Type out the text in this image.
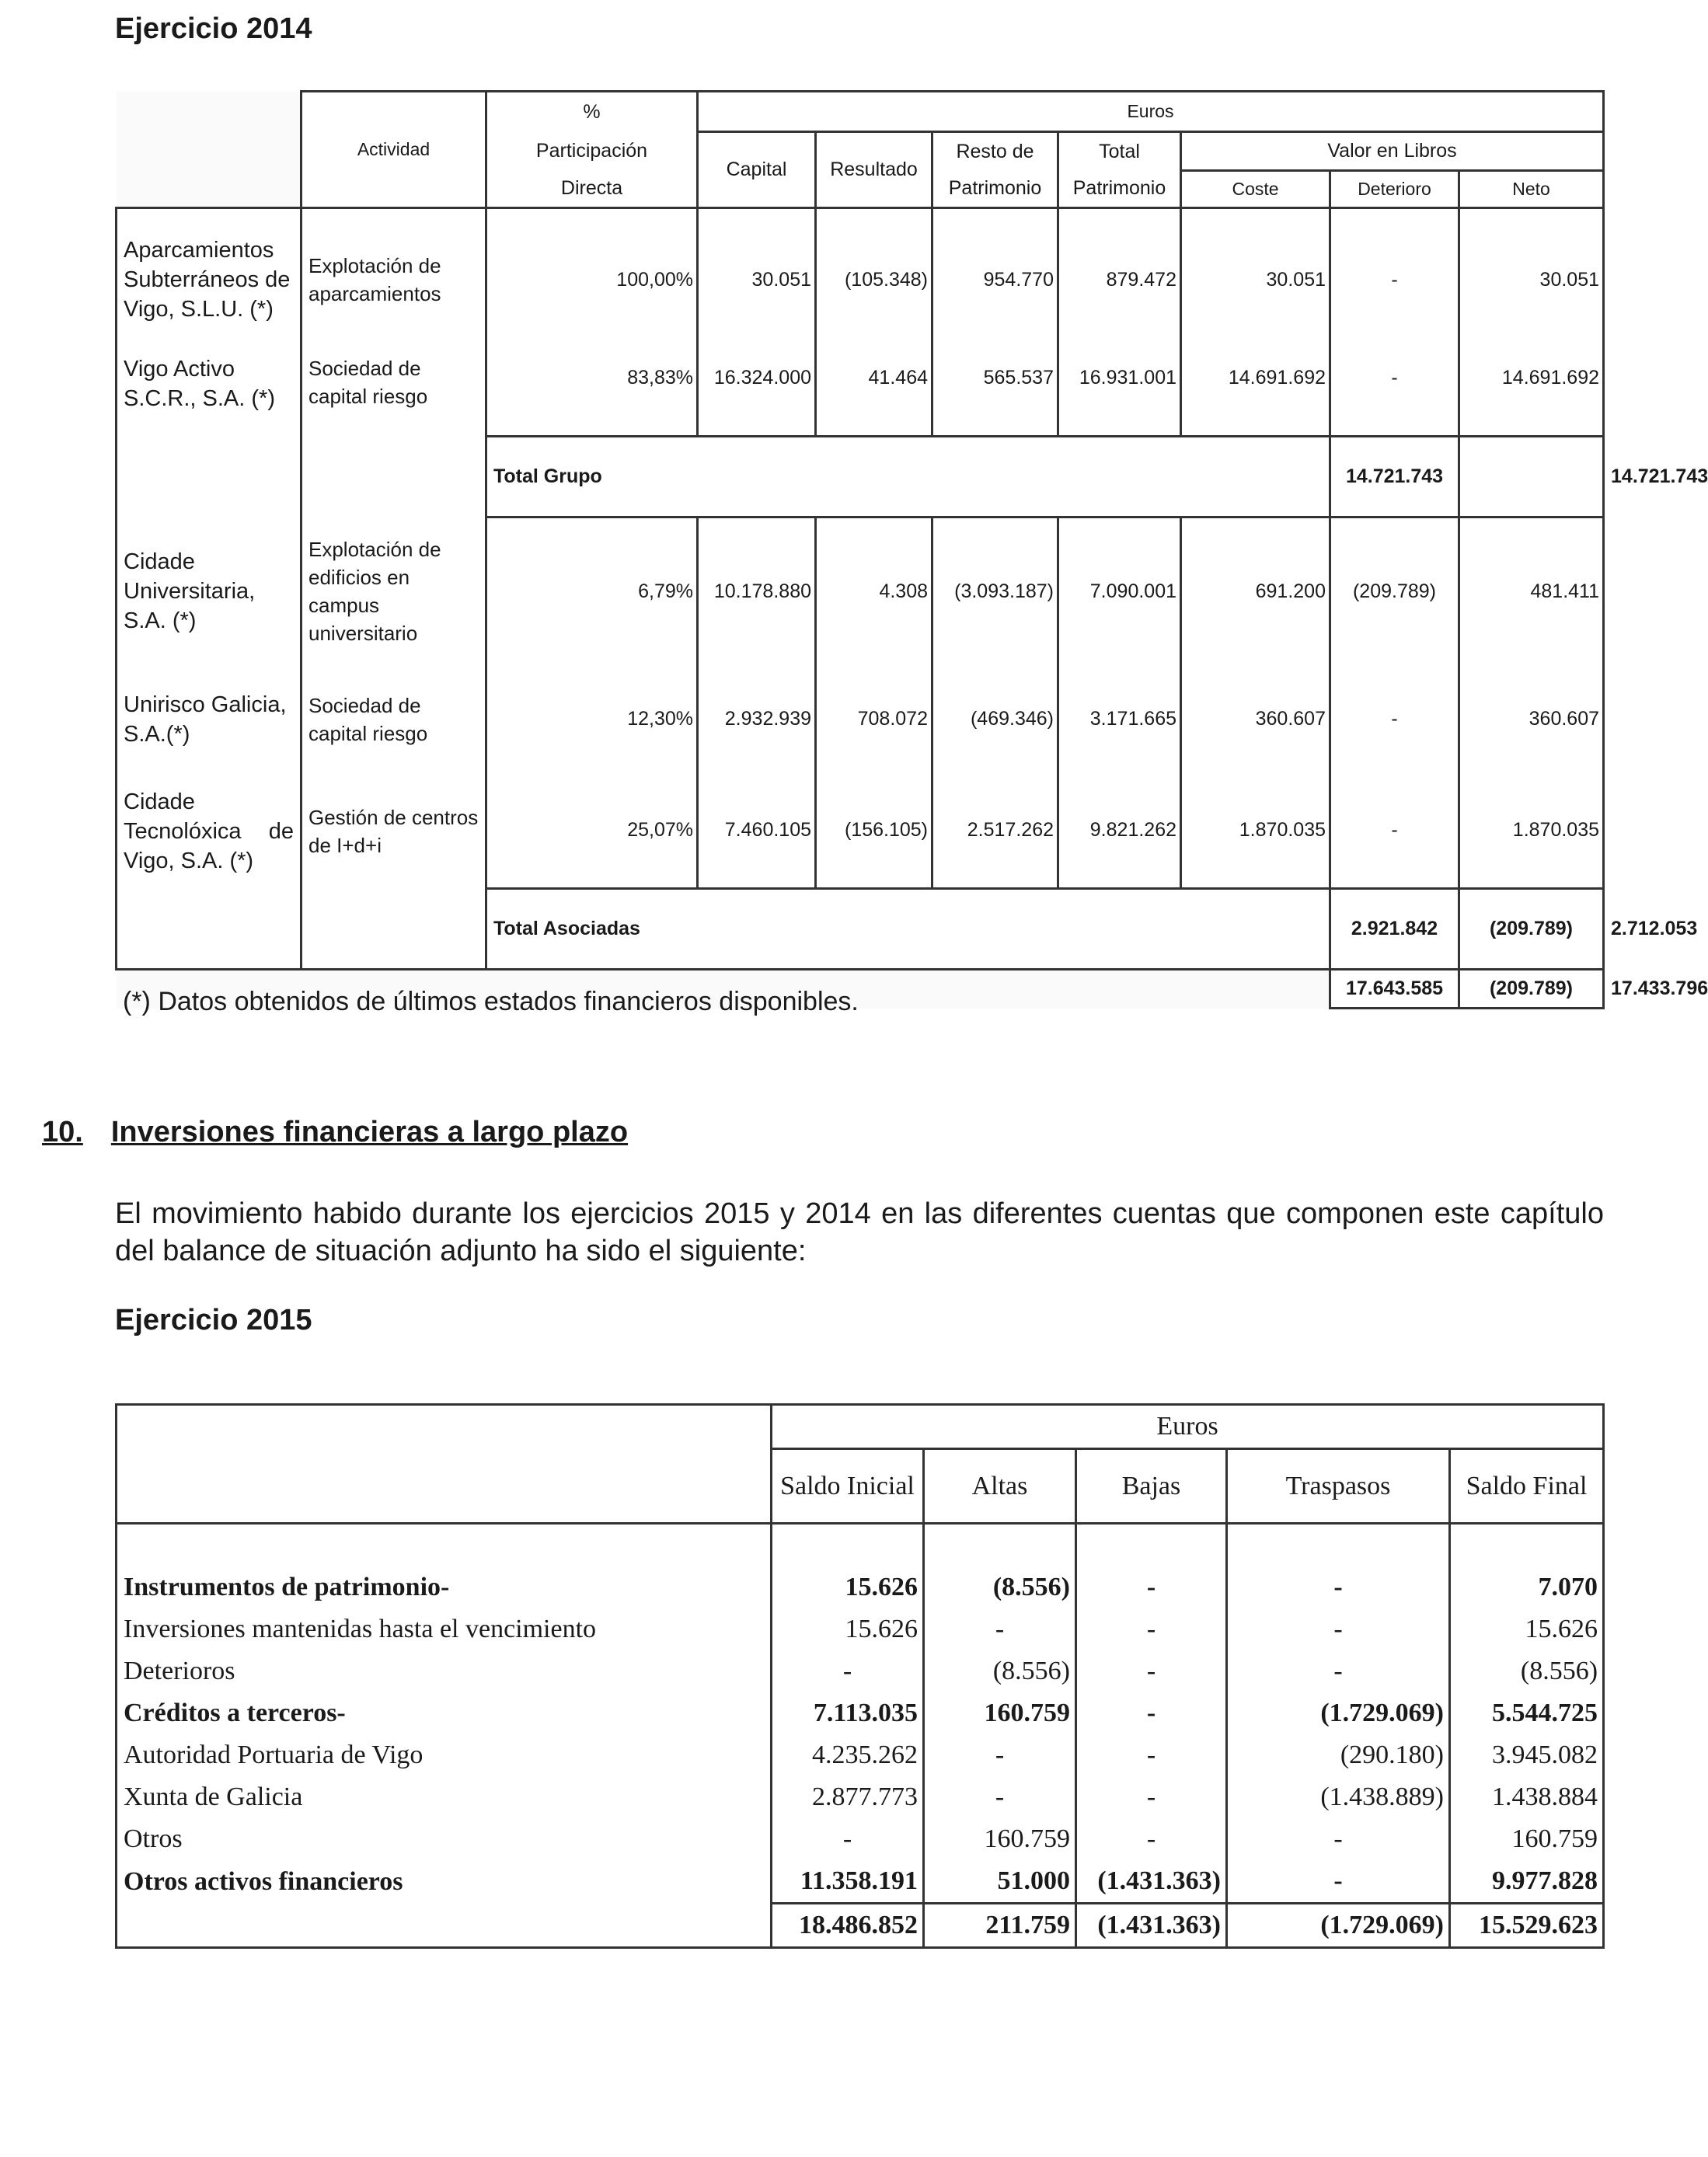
Ejercicio 2014
	Actividad	%	Euros							
		Participación	Capital	Resultado	Resto de	Total	Valor en Libros			
		Directa			Patrimonio	Patrimonio	Coste	Deterioro	Neto	
Aparcamientos Subterráneos de Vigo, S.L.U. (*)	Explotación de aparcamientos	100,00%	30.051	(105.348)	954.770	879.472	30.051	-	30.051	
Vigo Activo S.C.R., S.A. (*)	Sociedad de capital riesgo	83,83%	16.324.000	41.464	565.537	16.931.001	14.691.692	-	14.691.692	
		Total Grupo						14.721.743		14.721.743
Cidade Universitaria, S.A. (*)	Explotación de edificios en campus universitario	6,79%	10.178.880	4.308	(3.093.187)	7.090.001	691.200	(209.789)	481.411	
Unirisco Galicia, S.A.(*)	Sociedad de capital riesgo	12,30%	2.932.939	708.072	(469.346)	3.171.665	360.607	-	360.607	
Cidade Tecnolóxica de Vigo, S.A. (*)	Gestión de centros de I+d+i	25,07%	7.460.105	(156.105)	2.517.262	9.821.262	1.870.035	-	1.870.035	
		Total Asociadas						2.921.842	(209.789)	2.712.053
								17.643.585	(209.789)	17.433.796
(*) Datos obtenidos de últimos estados financieros disponibles.
10. Inversiones financieras a largo plazo
El movimiento habido durante los ejercicios 2015 y 2014 en las diferentes cuentas que componen este capítulo del balance de situación adjunto ha sido el siguiente:
Ejercicio 2015
	Euros				
	Saldo Inicial	Altas	Bajas	Traspasos	Saldo Final

Instrumentos de patrimonio-	15.626	(8.556)	-	-	7.070
Inversiones mantenidas hasta el vencimiento	15.626	-	-	-	15.626
Deterioros	-	(8.556)	-	-	(8.556)
Créditos a terceros-	7.113.035	160.759	-	(1.729.069)	5.544.725
Autoridad Portuaria de Vigo	4.235.262	-	-	(290.180)	3.945.082
Xunta de Galicia	2.877.773	-	-	(1.438.889)	1.438.884
Otros	-	160.759	-	-	160.759
Otros activos financieros	11.358.191	51.000	(1.431.363)	-	9.977.828
	18.486.852	211.759	(1.431.363)	(1.729.069)	15.529.623
